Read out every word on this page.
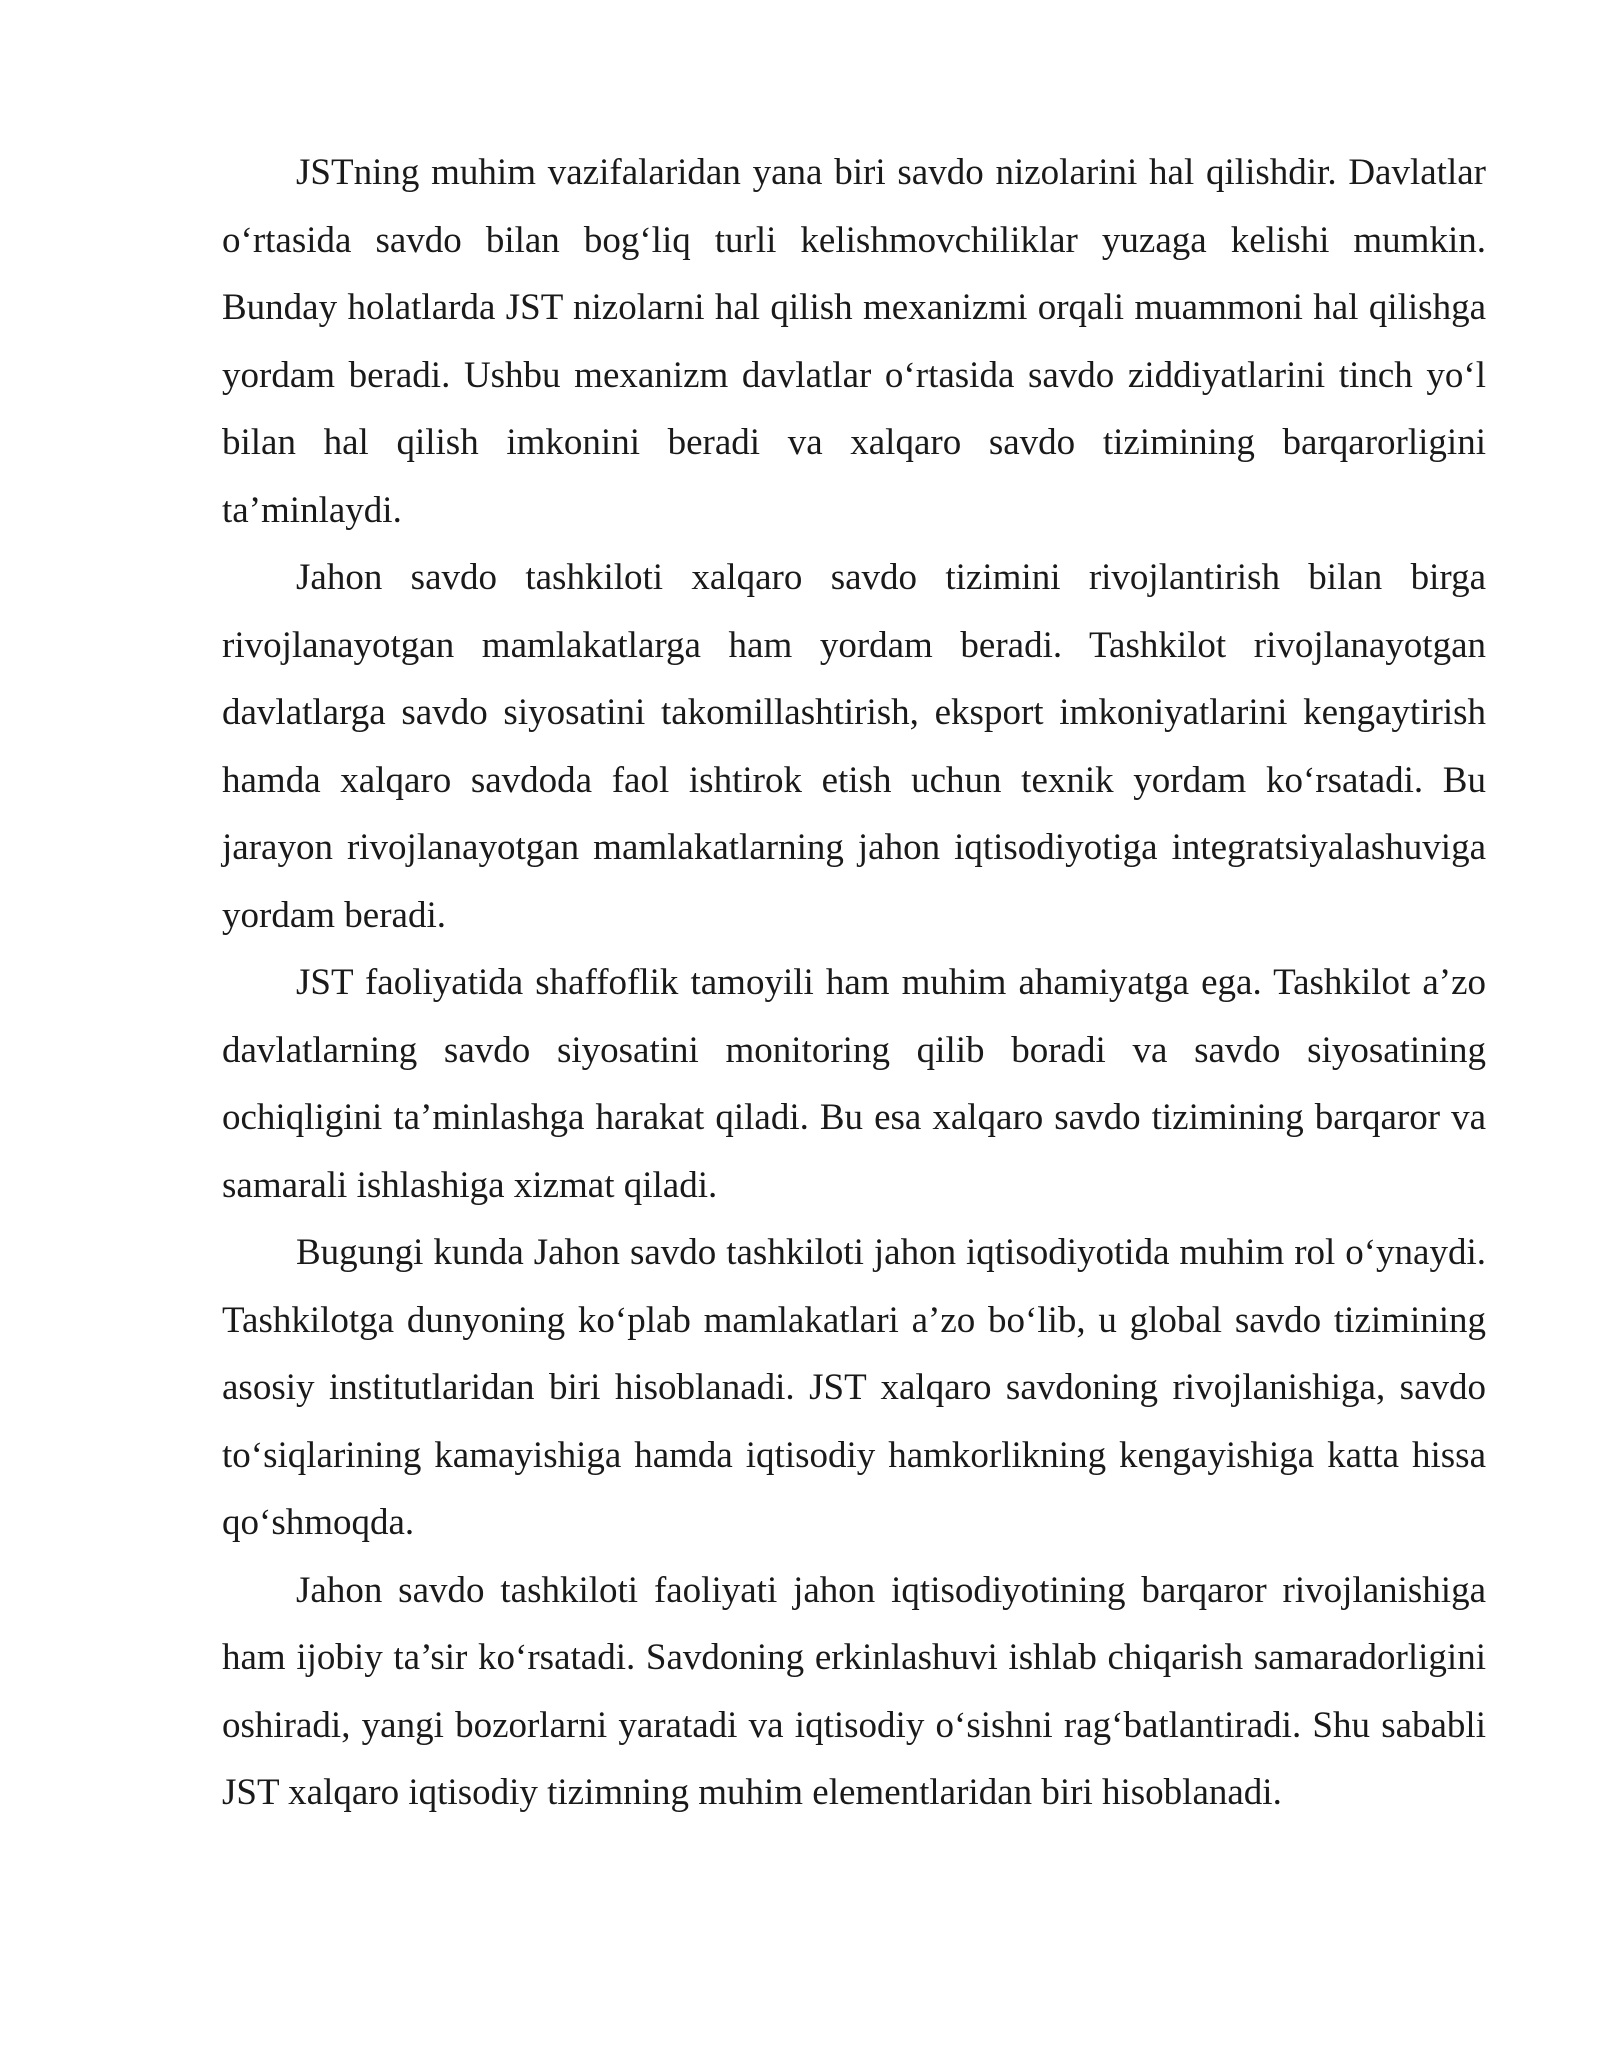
JSTning muhim vazifalaridan yana biri savdo nizolarini hal qilishdir. Davlatlar o‘rtasida savdo bilan bog‘liq turli kelishmovchiliklar yuzaga kelishi mumkin. Bunday holatlarda JST nizolarni hal qilish mexanizmi orqali muammoni hal qilishga yordam beradi. Ushbu mexanizm davlatlar o‘rtasida savdo ziddiyatlarini tinch yo‘l bilan hal qilish imkonini beradi va xalqaro savdo tizimining barqarorligini ta’minlaydi.

Jahon savdo tashkiloti xalqaro savdo tizimini rivojlantirish bilan birga rivojlanayotgan mamlakatlarga ham yordam beradi. Tashkilot rivojlanayotgan davlatlarga savdo siyosatini takomillashtirish, eksport imkoniyatlarini kengaytirish hamda xalqaro savdoda faol ishtirok etish uchun texnik yordam ko‘rsatadi. Bu jarayon rivojlanayotgan mamlakatlarning jahon iqtisodiyotiga integratsiyalashuviga yordam beradi.

JST faoliyatida shaffoflik tamoyili ham muhim ahamiyatga ega. Tashkilot a’zo davlatlarning savdo siyosatini monitoring qilib boradi va savdo siyosatining ochiqligini ta’minlashga harakat qiladi. Bu esa xalqaro savdo tizimining barqaror va samarali ishlashiga xizmat qiladi.

Bugungi kunda Jahon savdo tashkiloti jahon iqtisodiyotida muhim rol o‘ynaydi. Tashkilotga dunyoning ko‘plab mamlakatlari a’zo bo‘lib, u global savdo tizimining asosiy institutlaridan biri hisoblanadi. JST xalqaro savdoning rivojlanishiga, savdo to‘siqlarining kamayishiga hamda iqtisodiy hamkorlikning kengayishiga katta hissa qo‘shmoqda.

Jahon savdo tashkiloti faoliyati jahon iqtisodiyotining barqaror rivojlanishiga ham ijobiy ta’sir ko‘rsatadi. Savdoning erkinlashuvi ishlab chiqarish samaradorligini oshiradi, yangi bozorlarni yaratadi va iqtisodiy o‘sishni rag‘batlantiradi. Shu sababli JST xalqaro iqtisodiy tizimning muhim elementlaridan biri hisoblanadi.
